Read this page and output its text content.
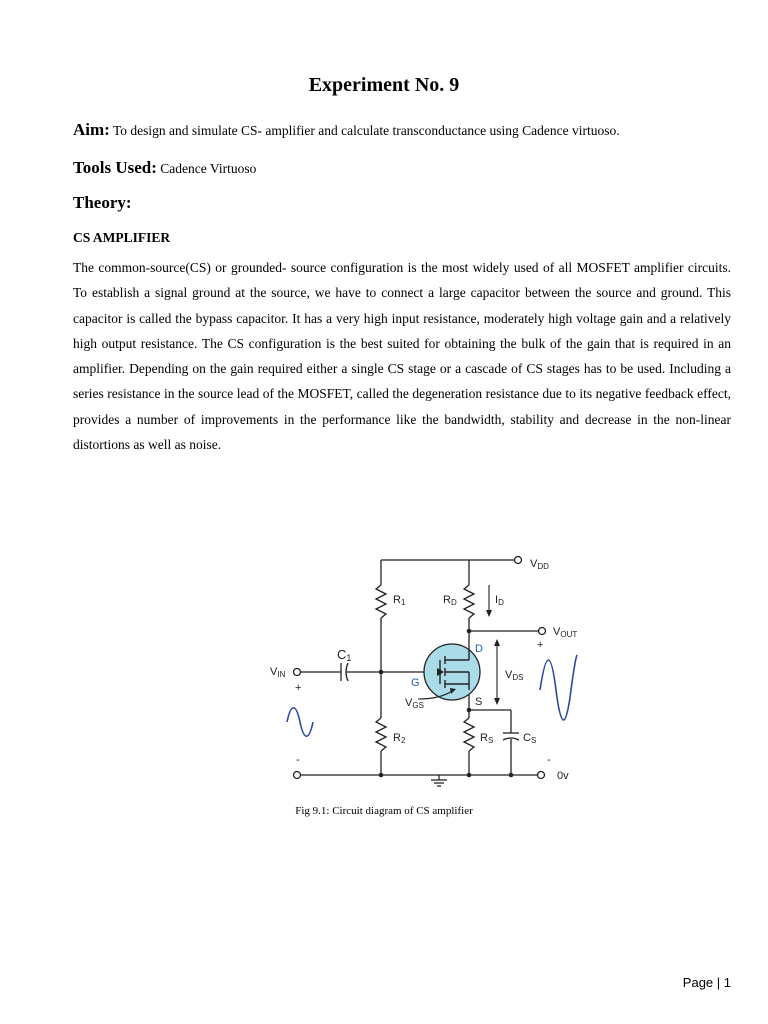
Experiment No. 9
Aim: To design and simulate CS- amplifier and calculate transconductance using Cadence virtuoso.
Tools Used: Cadence Virtuoso
Theory:
CS AMPLIFIER
The common-source(CS) or grounded- source configuration is the most widely used of all MOSFET amplifier circuits. To establish a signal ground at the source, we have to connect a large capacitor between the source and ground. This capacitor is called the bypass capacitor. It has a very high input resistance, moderately high voltage gain and a relatively high output resistance. The CS configuration is the best suited for obtaining the bulk of the gain that is required in an amplifier. Depending on the gain required either a single CS stage or a cascade of CS stages has to be used. Including a series resistance in the source lead of the MOSFET, called the degeneration resistance due to its negative feedback effect, provides a number of improvements in the performance like the bandwidth, stability and decrease in the non-linear distortions as well as noise.
VDD
R1	RD	ID
VOUT
C1
VIN
D
G
S
VDS
VGS
R2	RS	CS
+
-
+
-
0v
Fig 9.1: Circuit diagram of CS amplifier
Page | 1
